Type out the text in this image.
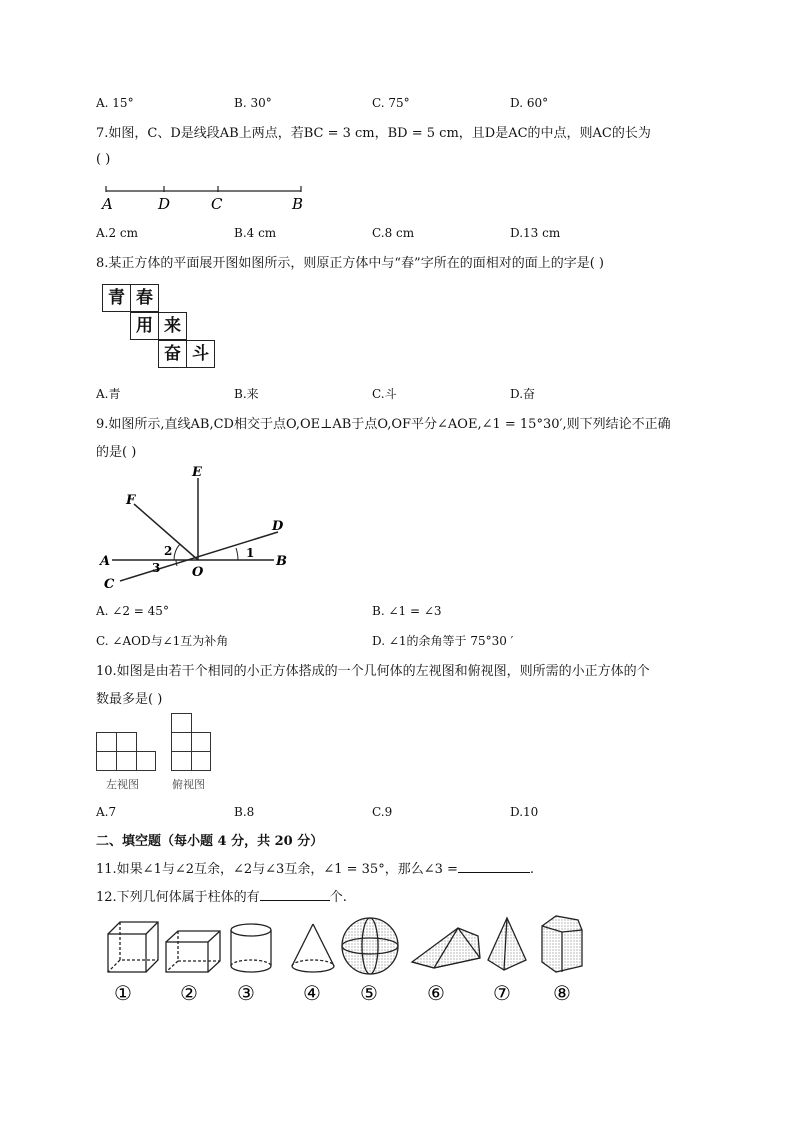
A. 15°	B. 30°	C. 75°	D. 60°
7.如图，C、D是线段AB上两点，若BC = 3 cm，BD = 5 cm，且D是AC的中点，则AC的长为
( )
A	D	C	B
A.2 cm	B.4 cm	C.8 cm	D.13 cm
8.某正方体的平面展开图如图所示，则原正方体中与“春”字所在的面相对的面上的字是( )
青 春
用 来
奋 斗
A.青	B.来	C.斗	D.奋
9.如图所示,直线AB,CD相交于点O,OE⊥AB于点O,OF平分∠AOE,∠1 = 15°30′,则下列结论不正确
的是( )
E
F
D
A	B
C
O
1
2
3
A. ∠2 = 45°	B. ∠1 = ∠3
C. ∠AOD与∠1互为补角	D. ∠1的余角等于 75°30 ′
10.如图是由若干个相同的小正方体搭成的一个几何体的左视图和俯视图，则所需的小正方体的个
数最多是( )
左视图	俯视图
A.7	B.8	C.9	D.10
二、填空题（每小题 4 分，共 20 分）
11.如果∠1与∠2互余，∠2与∠3互余，∠1 = 35°，那么∠3 =	.
12.下列几何体属于柱体的有	个.
① ② ③ ④ ⑤ ⑥ ⑦ ⑧
